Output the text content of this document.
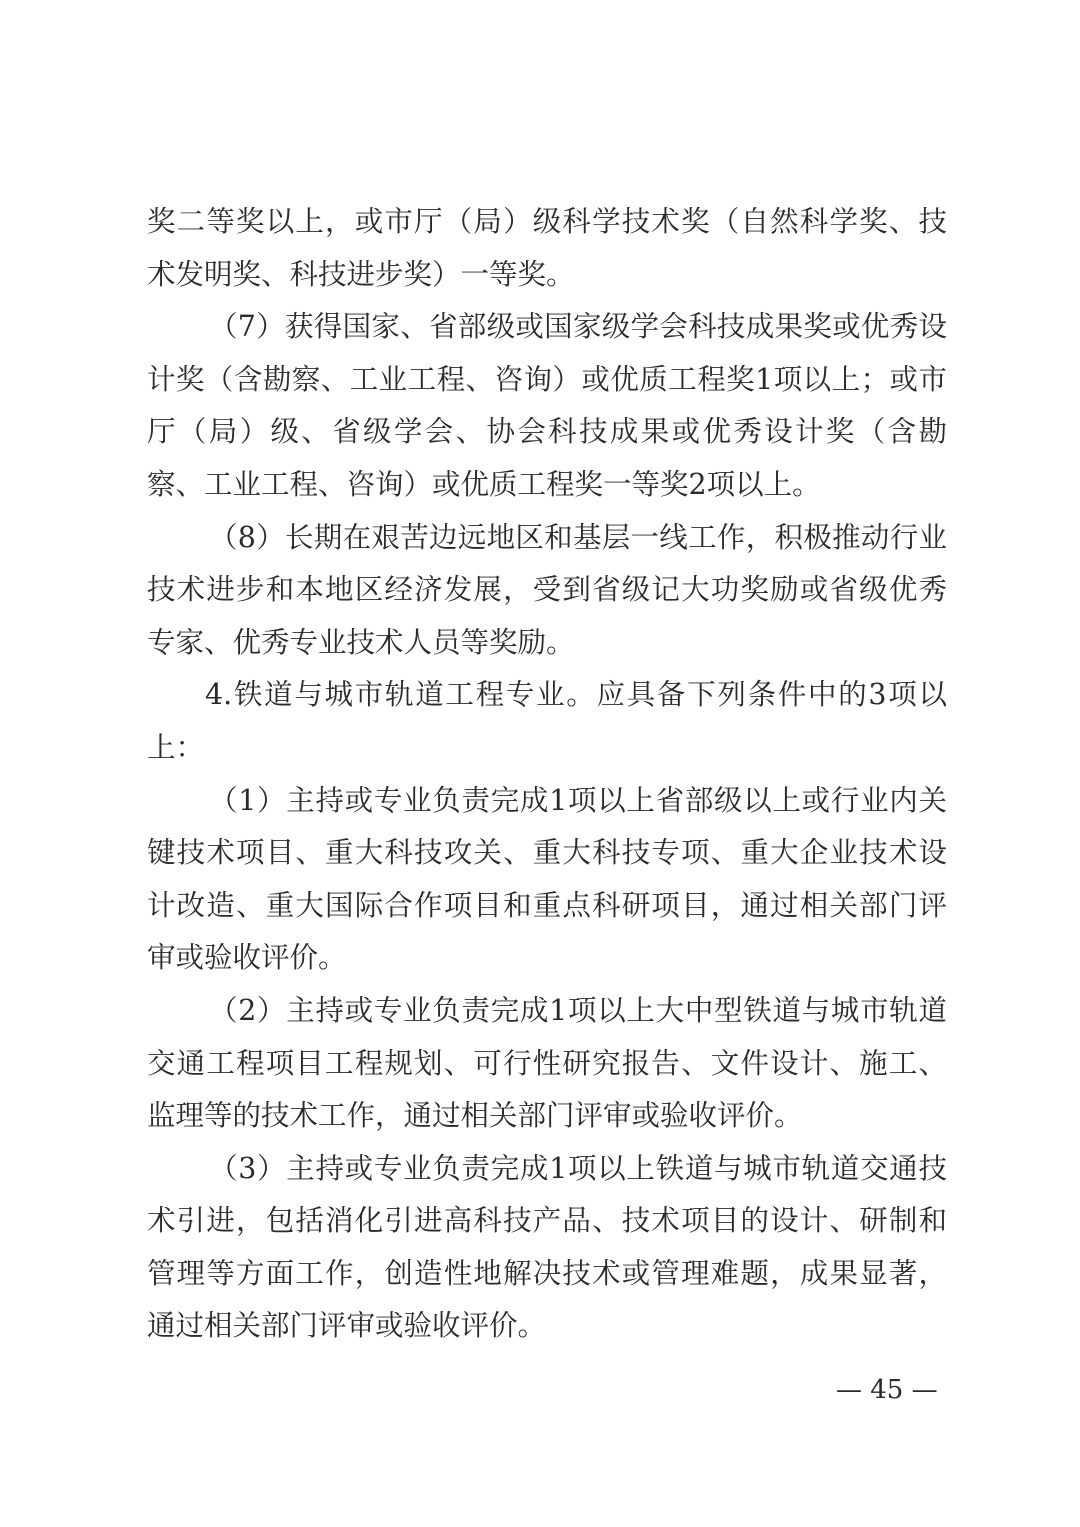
奖二等奖以上，或市厅（局）级科学技术奖（自然科学奖、技
术发明奖、科技进步奖）一等奖。
（7）获得国家、省部级或国家级学会科技成果奖或优秀设
计奖（含勘察、工业工程、咨询）或优质工程奖1项以上；或市
厅（局）级、省级学会、协会科技成果或优秀设计奖（含勘
察、工业工程、咨询）或优质工程奖一等奖2项以上。
（8）长期在艰苦边远地区和基层一线工作，积极推动行业
技术进步和本地区经济发展，受到省级记大功奖励或省级优秀
专家、优秀专业技术人员等奖励。
4.铁道与城市轨道工程专业。应具备下列条件中的3项以
上：
（1）主持或专业负责完成1项以上省部级以上或行业内关
键技术项目、重大科技攻关、重大科技专项、重大企业技术设
计改造、重大国际合作项目和重点科研项目，通过相关部门评
审或验收评价。
（2）主持或专业负责完成1项以上大中型铁道与城市轨道
交通工程项目工程规划、可行性研究报告、文件设计、施工、
监理等的技术工作，通过相关部门评审或验收评价。
（3）主持或专业负责完成1项以上铁道与城市轨道交通技
术引进，包括消化引进高科技产品、技术项目的设计、研制和
管理等方面工作，创造性地解决技术或管理难题，成果显著，
通过相关部门评审或验收评价。
— 45 —
